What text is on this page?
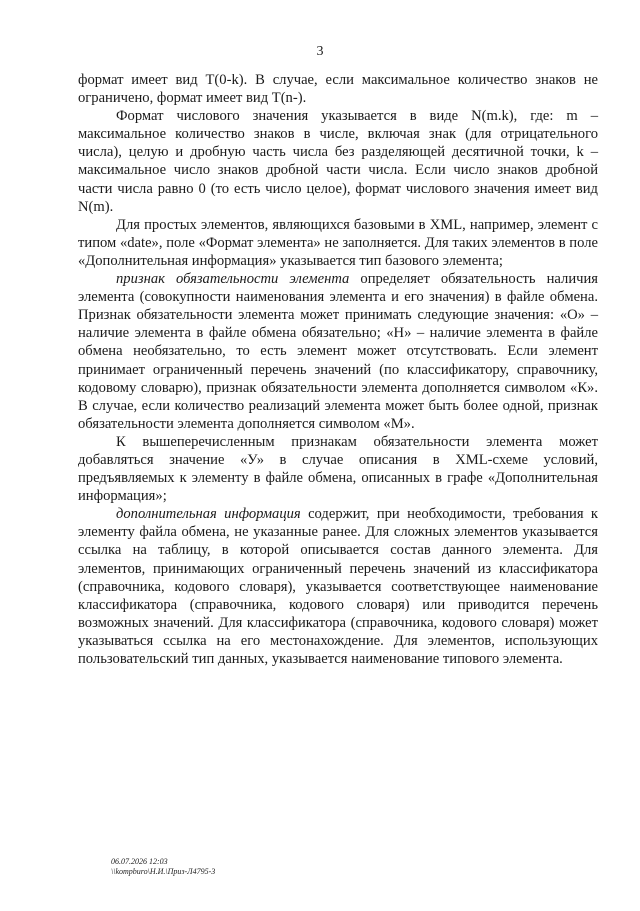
3

формат имеет вид Т(0-k). В случае, если максимальное количество знаков не ограничено, формат имеет вид Т(n-).

Формат числового значения указывается в виде N(m.k), где: m – максимальное количество знаков в числе, включая знак (для отрицательного числа), целую и дробную часть числа без разделяющей десятичной точки, k – максимальное число знаков дробной части числа. Если число знаков дробной части числа равно 0 (то есть число целое), формат числового значения имеет вид N(m).

Для простых элементов, являющихся базовыми в XML, например, элемент с типом «date», поле «Формат элемента» не заполняется. Для таких элементов в поле «Дополнительная информация» указывается тип базового элемента;

признак обязательности элемента определяет обязательность наличия элемента (совокупности наименования элемента и его значения) в файле обмена. Признак обязательности элемента может принимать следующие значения: «О» – наличие элемента в файле обмена обязательно; «Н» – наличие элемента в файле обмена необязательно, то есть элемент может отсутствовать. Если элемент принимает ограниченный перечень значений (по классификатору, справочнику, кодовому словарю), признак обязательности элемента дополняется символом «К». В случае, если количество реализаций элемента может быть более одной, признак обязательности элемента дополняется символом «М».

К вышеперечисленным признакам обязательности элемента может добавляться значение «У» в случае описания в XML-схеме условий, предъявляемых к элементу в файле обмена, описанных в графе «Дополнительная информация»;

дополнительная информация содержит, при необходимости, требования к элементу файла обмена, не указанные ранее. Для сложных элементов указывается ссылка на таблицу, в которой описывается состав данного элемента. Для элементов, принимающих ограниченный перечень значений из классификатора (справочника, кодового словаря), указывается соответствующее наименование классификатора (справочника, кодового словаря) или приводится перечень возможных значений. Для классификатора (справочника, кодового словаря) может указываться ссылка на его местонахождение. Для элементов, использующих пользовательский тип данных, указывается наименование типового элемента.

06.07.2026 12:03
\\kompburo\Н.И.\Приз-Л4795-3
